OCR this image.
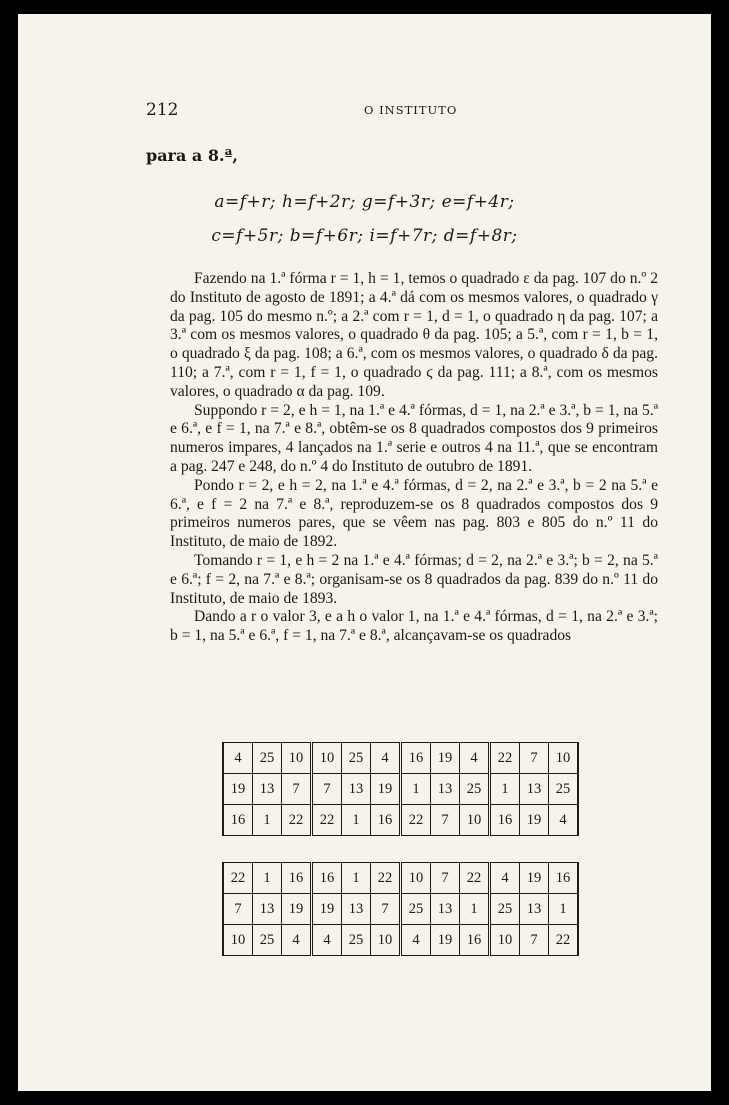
212	O INSTITUTO
para a 8.ª,
a=f+r; h=f+2r; g=f+3r; e=f+4r;
c=f+5r; b=f+6r; i=f+7r; d=f+8r;

Fazendo na 1.ª fórma r = 1, h = 1, temos o quadrado ε da pag. 107 do n.º 2 do Instituto de agosto de 1891; a 4.ª dá com os mesmos valores, o quadrado γ da pag. 105 do mesmo n.º; a 2.ª com r = 1, d = 1, o quadrado η da pag. 107; a 3.ª com os mesmos valores, o quadrado θ da pag. 105; a 5.ª, com r = 1, b = 1, o quadrado ξ da pag. 108; a 6.ª, com os mesmos valores, o quadrado δ da pag. 110; a 7.ª, com r = 1, f = 1, o quadrado ϛ da pag. 111; a 8.ª, com os mesmos valores, o quadrado α da pag. 109.

Suppondo r = 2, e h = 1, na 1.ª e 4.ª fórmas, d = 1, na 2.ª e 3.ª, b = 1, na 5.ª e 6.ª, e f = 1, na 7.ª e 8.ª, obtêm-se os 8 quadrados compostos dos 9 primeiros numeros impares, 4 lançados na 1.ª serie e outros 4 na 11.ª, que se encontram a pag. 247 e 248, do n.º 4 do Instituto de outubro de 1891.

Pondo r = 2, e h = 2, na 1.ª e 4.ª fórmas, d = 2, na 2.ª e 3.ª, b = 2 na 5.ª e 6.ª, e f = 2 na 7.ª e 8.ª, reproduzem-se os 8 quadrados compostos dos 9 primeiros numeros pares, que se vêem nas pag. 803 e 805 do n.º 11 do Instituto, de maio de 1892.

Tomando r = 1, e h = 2 na 1.ª e 4.ª fórmas; d = 2, na 2.ª e 3.ª; b = 2, na 5.ª e 6.ª; f = 2, na 7.ª e 8.ª; organisam-se os 8 quadrados da pag. 839 do n.º 11 do Instituto, de maio de 1893.

Dando a r o valor 3, e a h o valor 1, na 1.ª e 4.ª fórmas, d = 1, na 2.ª e 3.ª; b = 1, na 5.ª e 6.ª, f = 1, na 7.ª e 8.ª, alcançavam-se os quadrados

4	25	10	10	25	4	16	19	4	22	7	10
19	13	7	7	13	19	1	13	25	1	13	25
16	1	22	22	1	16	22	7	10	16	19	4
22	1	16	16	1	22	10	7	22	4	19	16
7	13	19	19	13	7	25	13	1	25	13	1
10	25	4	4	25	10	4	19	16	10	7	22
